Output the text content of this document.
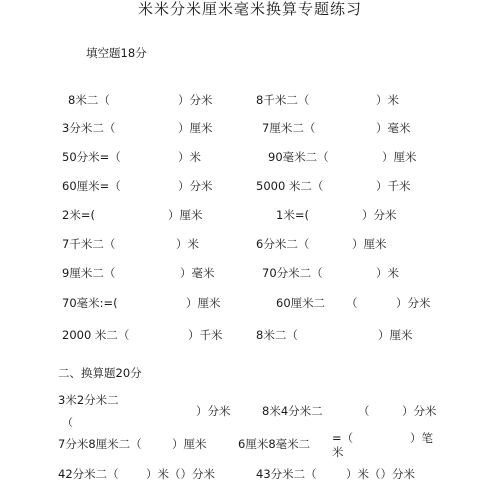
米米分米厘米毫米换算专题练习
填空题18分
8米二（	）分米	8千米二（	）米
3分米二（	）厘米	7厘米二（	）毫米
50分米=（	）米	90毫米二（	）厘米
60厘米=（	）分米	5000 米二（	）千米
2米=(	）厘米	1米=(	）分米
7千米二（	）米	6分米二（	）厘米
9厘米二（	）毫米	70分米二（	）米
70毫米:=(	）厘米	60厘米二 （	）分米
2000 米二（	）千米	8米二（	）厘米
二、换算题20分
3米2分米二
（
）分米	8米4分米二	（	）分米
7分米8厘米二（	）厘米	6厘米8毫米二 =（	）笔
米
42分米二（ ）米（）分米	43分米二（	）米（）分米
